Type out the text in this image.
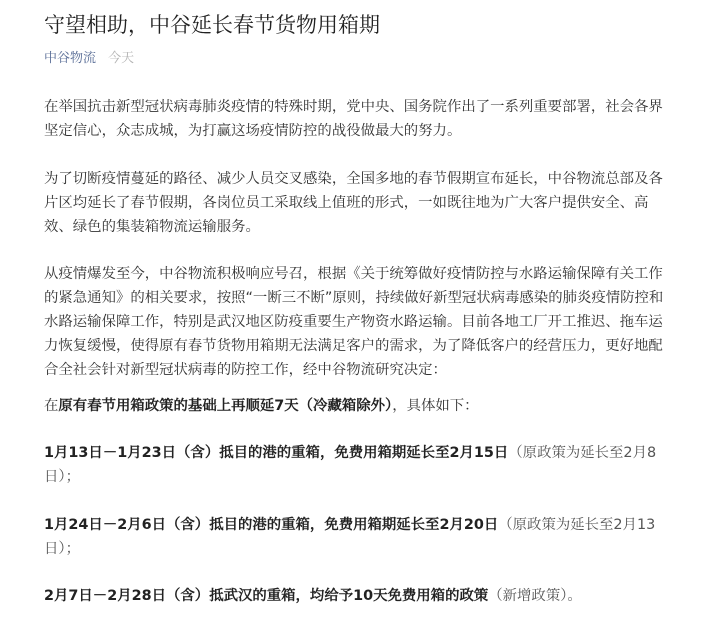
守望相助，中谷延长春节货物用箱期
中谷物流 今天

在举国抗击新型冠状病毒肺炎疫情的特殊时期，党中央、国务院作出了一系列重要部署，社会各界坚定信心，众志成城，为打赢这场疫情防控的战役做最大的努力。

为了切断疫情蔓延的路径、减少人员交叉感染，全国多地的春节假期宣布延长，中谷物流总部及各片区均延长了春节假期，各岗位员工采取线上值班的形式，一如既往地为广大客户提供安全、高效、绿色的集装箱物流运输服务。

从疫情爆发至今，中谷物流积极响应号召，根据《关于统筹做好疫情防控与水路运输保障有关工作的紧急通知》的相关要求，按照“一断三不断”原则，持续做好新型冠状病毒感染的肺炎疫情防控和水路运输保障工作，特别是武汉地区防疫重要生产物资水路运输。目前各地工厂开工推迟、拖车运力恢复缓慢，使得原有春节货物用箱期无法满足客户的需求，为了降低客户的经营压力，更好地配合全社会针对新型冠状病毒的防控工作，经中谷物流研究决定：

在原有春节用箱政策的基础上再顺延7天（冷藏箱除外），具体如下：

1月13日－1月23日（含）抵目的港的重箱，免费用箱期延长至2月15日（原政策为延长至2月8日）；

1月24日－2月6日（含）抵目的港的重箱，免费用箱期延长至2月20日（原政策为延长至2月13日）；

2月7日－2月28日（含）抵武汉的重箱，均给予10天免费用箱的政策（新增政策）。
